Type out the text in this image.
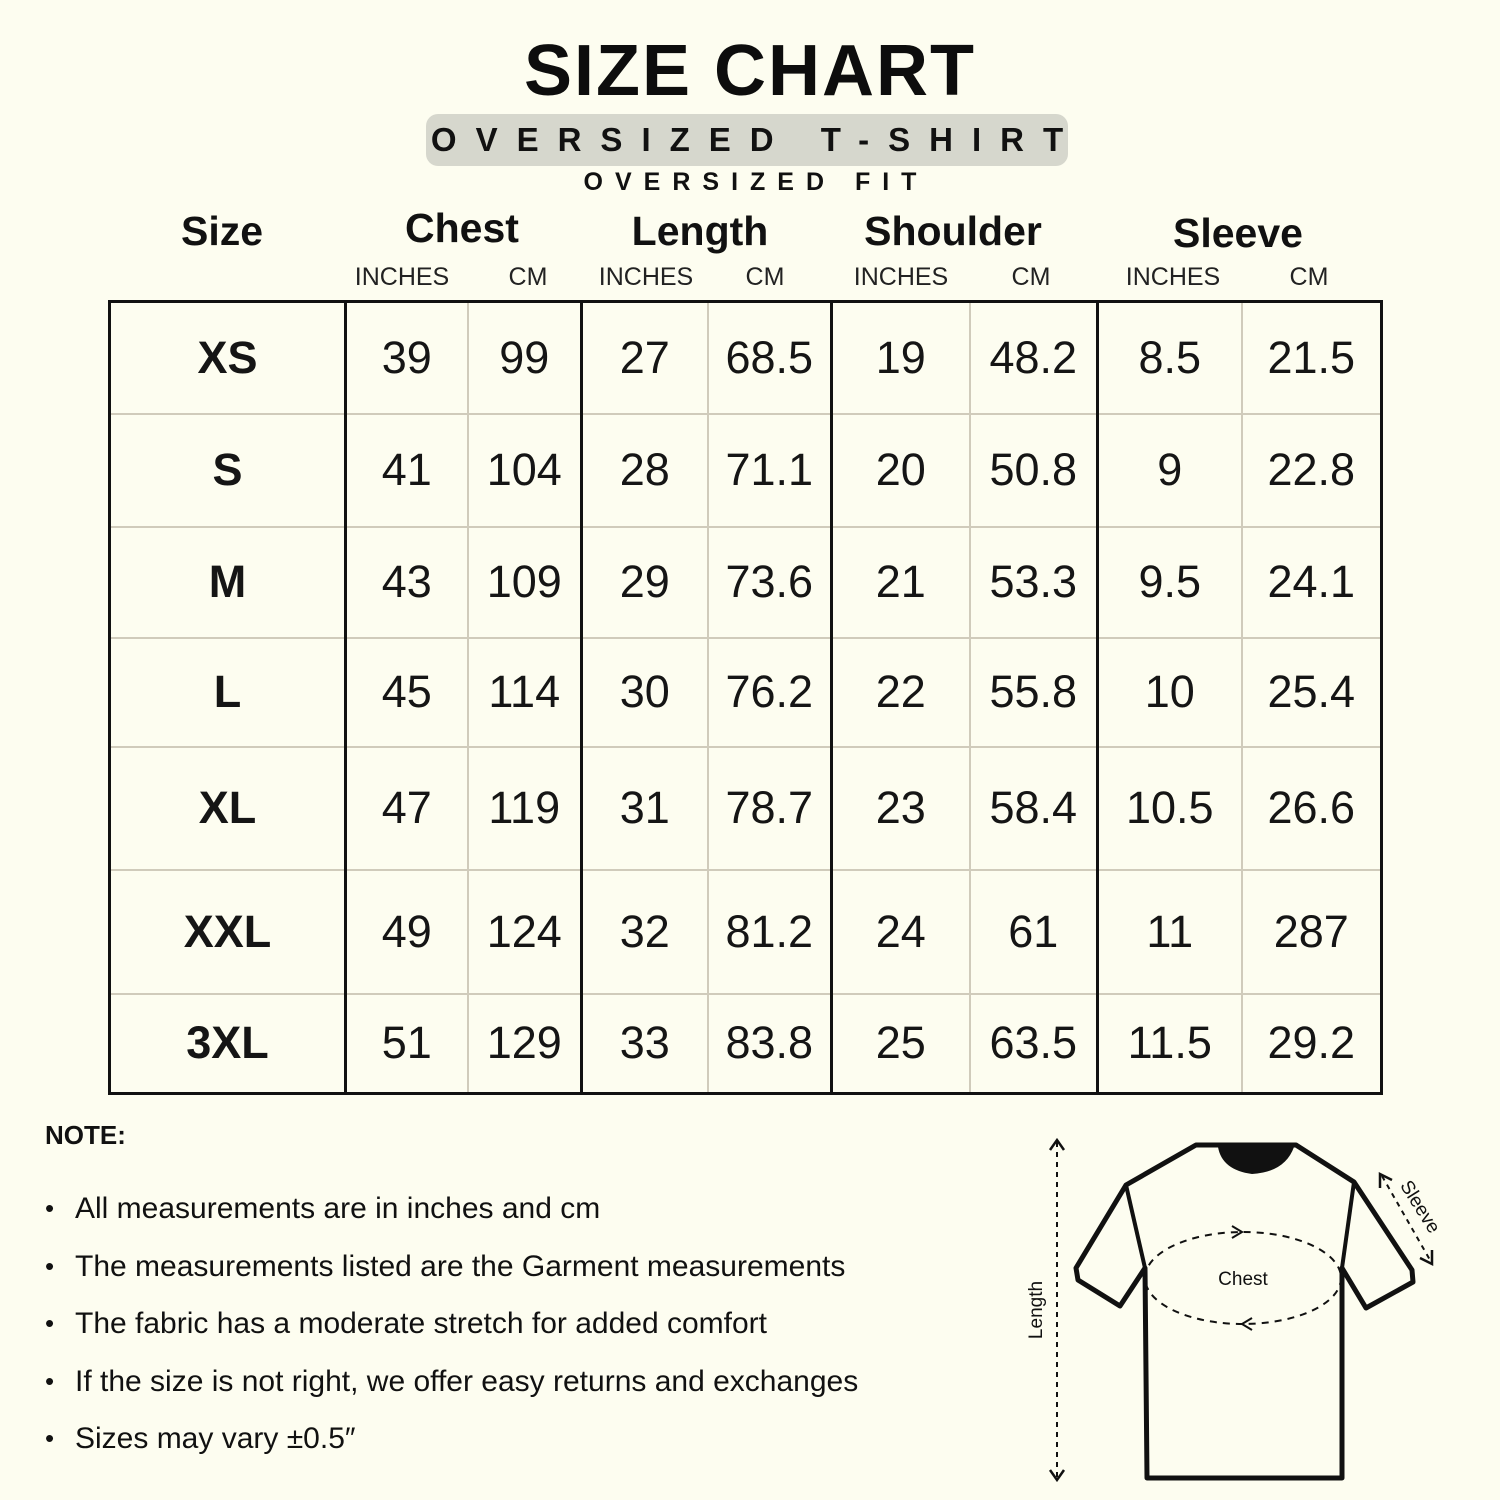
SIZE CHART
OVERSIZED T-SHIRT
OVERSIZED FIT
Size	Chest	Length	Shoulder	Sleeve
INCHES	CM	INCHES	CM	INCHES	CM	INCHES	CM
XS	39	99	27	68.5	19	48.2	8.5	21.5
S	41	104	28	71.1	20	50.8	9	22.8
M	43	109	29	73.6	21	53.3	9.5	24.1
L	45	114	30	76.2	22	55.8	10	25.4
XL	47	119	31	78.7	23	58.4	10.5	26.6
XXL	49	124	32	81.2	24	61	11	287
3XL	51	129	33	83.8	25	63.5	11.5	29.2
NOTE:
• All measurements are in inches and cm
• The measurements listed are the Garment measurements
• The fabric has a moderate stretch for added comfort
• If the size is not right, we offer easy returns and exchanges
• Sizes may vary ±0.5″
Length
Chest
Sleeve
